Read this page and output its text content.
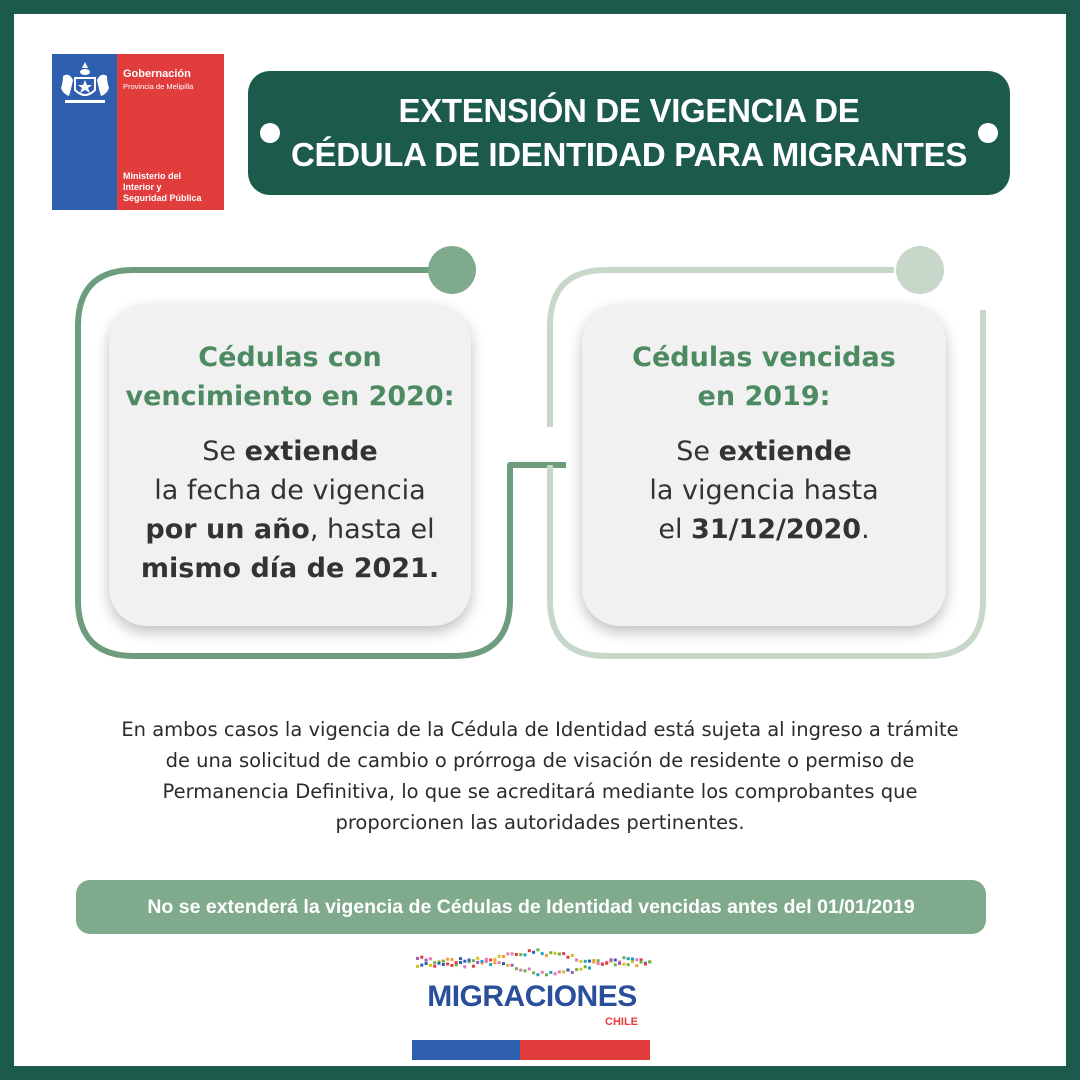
Gobernación
Provincia de Melipilla
Ministerio del
Interior y
Seguridad Pública
EXTENSIÓN DE VIGENCIA DE
CÉDULA DE IDENTIDAD PARA MIGRANTES
Cédulas con
vencimiento en 2020:
Se extiende
la fecha de vigencia
por un año, hasta el
mismo día de 2021.
Cédulas vencidas
en 2019:
Se extiende
la vigencia hasta
el 31/12/2020.
En ambos casos la vigencia de la Cédula de Identidad está sujeta al ingreso a trámite
de una solicitud de cambio o prórroga de visación de residente o permiso de
Permanencia Definitiva, lo que se acreditará mediante los comprobantes que
proporcionen las autoridades pertinentes.
No se extenderá la vigencia de Cédulas de Identidad vencidas antes del 01/01/2019
MIGRACIONES
CHILE
